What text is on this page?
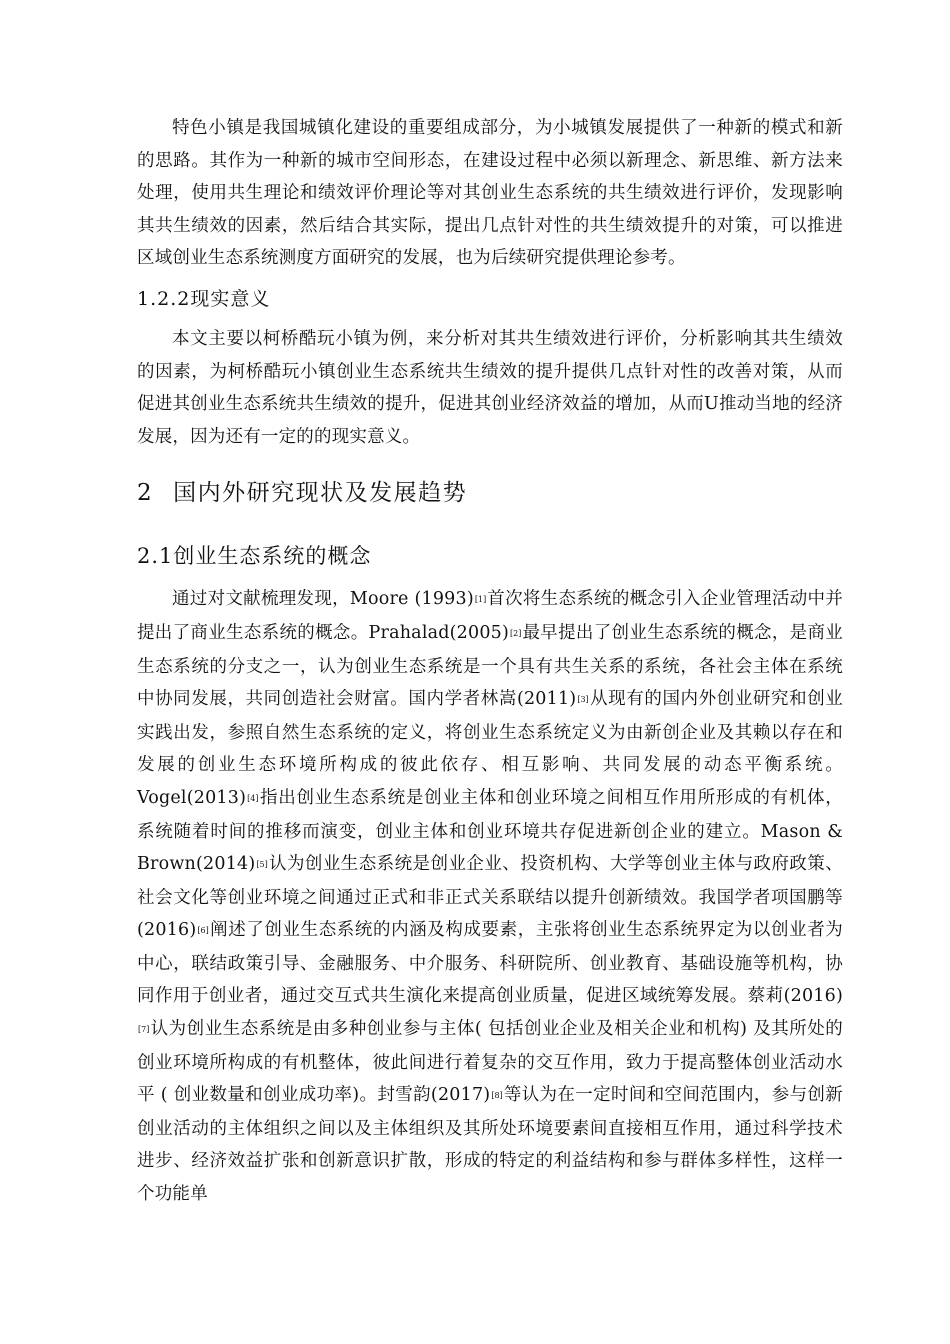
特色小镇是我国城镇化建设的重要组成部分，为小城镇发展提供了一种新的模式和新的思路。其作为一种新的城市空间形态，在建设过程中必须以新理念、新思维、新方法来处理，使用共生理论和绩效评价理论等对其创业生态系统的共生绩效进行评价，发现影响其共生绩效的因素，然后结合其实际，提出几点针对性的共生绩效提升的对策，可以推进区域创业生态系统测度方面研究的发展，也为后续研究提供理论参考。

1.2.2现实意义

本文主要以柯桥酷玩小镇为例，来分析对其共生绩效进行评价，分析影响其共生绩效的因素，为柯桥酷玩小镇创业生态系统共生绩效的提升提供几点针对性的改善对策，从而促进其创业生态系统共生绩效的提升，促进其创业经济效益的增加，从而U推动当地的经济发展，因为还有一定的的现实意义。

2 国内外研究现状及发展趋势
2.1创业生态系统的概念

通过对文献梳理发现，Moore (1993)[1]首次将生态系统的概念引入企业管理活动中并提出了商业生态系统的概念。Prahalad(2005)[2]最早提出了创业生态系统的概念，是商业生态系统的分支之一，认为创业生态系统是一个具有共生关系的系统，各社会主体在系统中协同发展，共同创造社会财富。国内学者林嵩(2011)[3]从现有的国内外创业研究和创业实践出发，参照自然生态系统的定义，将创业生态系统定义为由新创企业及其赖以存在和发展的创业生态环境所构成的彼此依存、相互影响、共同发展的动态平衡系统。Vogel(2013)[4]指出创业生态系统是创业主体和创业环境之间相互作用所形成的有机体，系统随着时间的推移而演变，创业主体和创业环境共存促进新创企业的建立。Mason & Brown(2014)[5]认为创业生态系统是创业企业、投资机构、大学等创业主体与政府政策、社会文化等创业环境之间通过正式和非正式关系联结以提升创新绩效。我国学者项国鹏等(2016)[6]阐述了创业生态系统的内涵及构成要素，主张将创业生态系统界定为以创业者为中心，联结政策引导、金融服务、中介服务、科研院所、创业教育、基础设施等机构，协同作用于创业者，通过交互式共生演化来提高创业质量，促进区域统筹发展。蔡莉(2016)[7]认为创业生态系统是由多种创业参与主体( 包括创业企业及相关企业和机构) 及其所处的创业环境所构成的有机整体，彼此间进行着复杂的交互作用，致力于提高整体创业活动水平 ( 创业数量和创业成功率)。封雪韵(2017)[8]等认为在一定时间和空间范围内，参与创新创业活动的主体组织之间以及主体组织及其所处环境要素间直接相互作用，通过科学技术进步、经济效益扩张和创新意识扩散，形成的特定的利益结构和参与群体多样性，这样一个功能单
